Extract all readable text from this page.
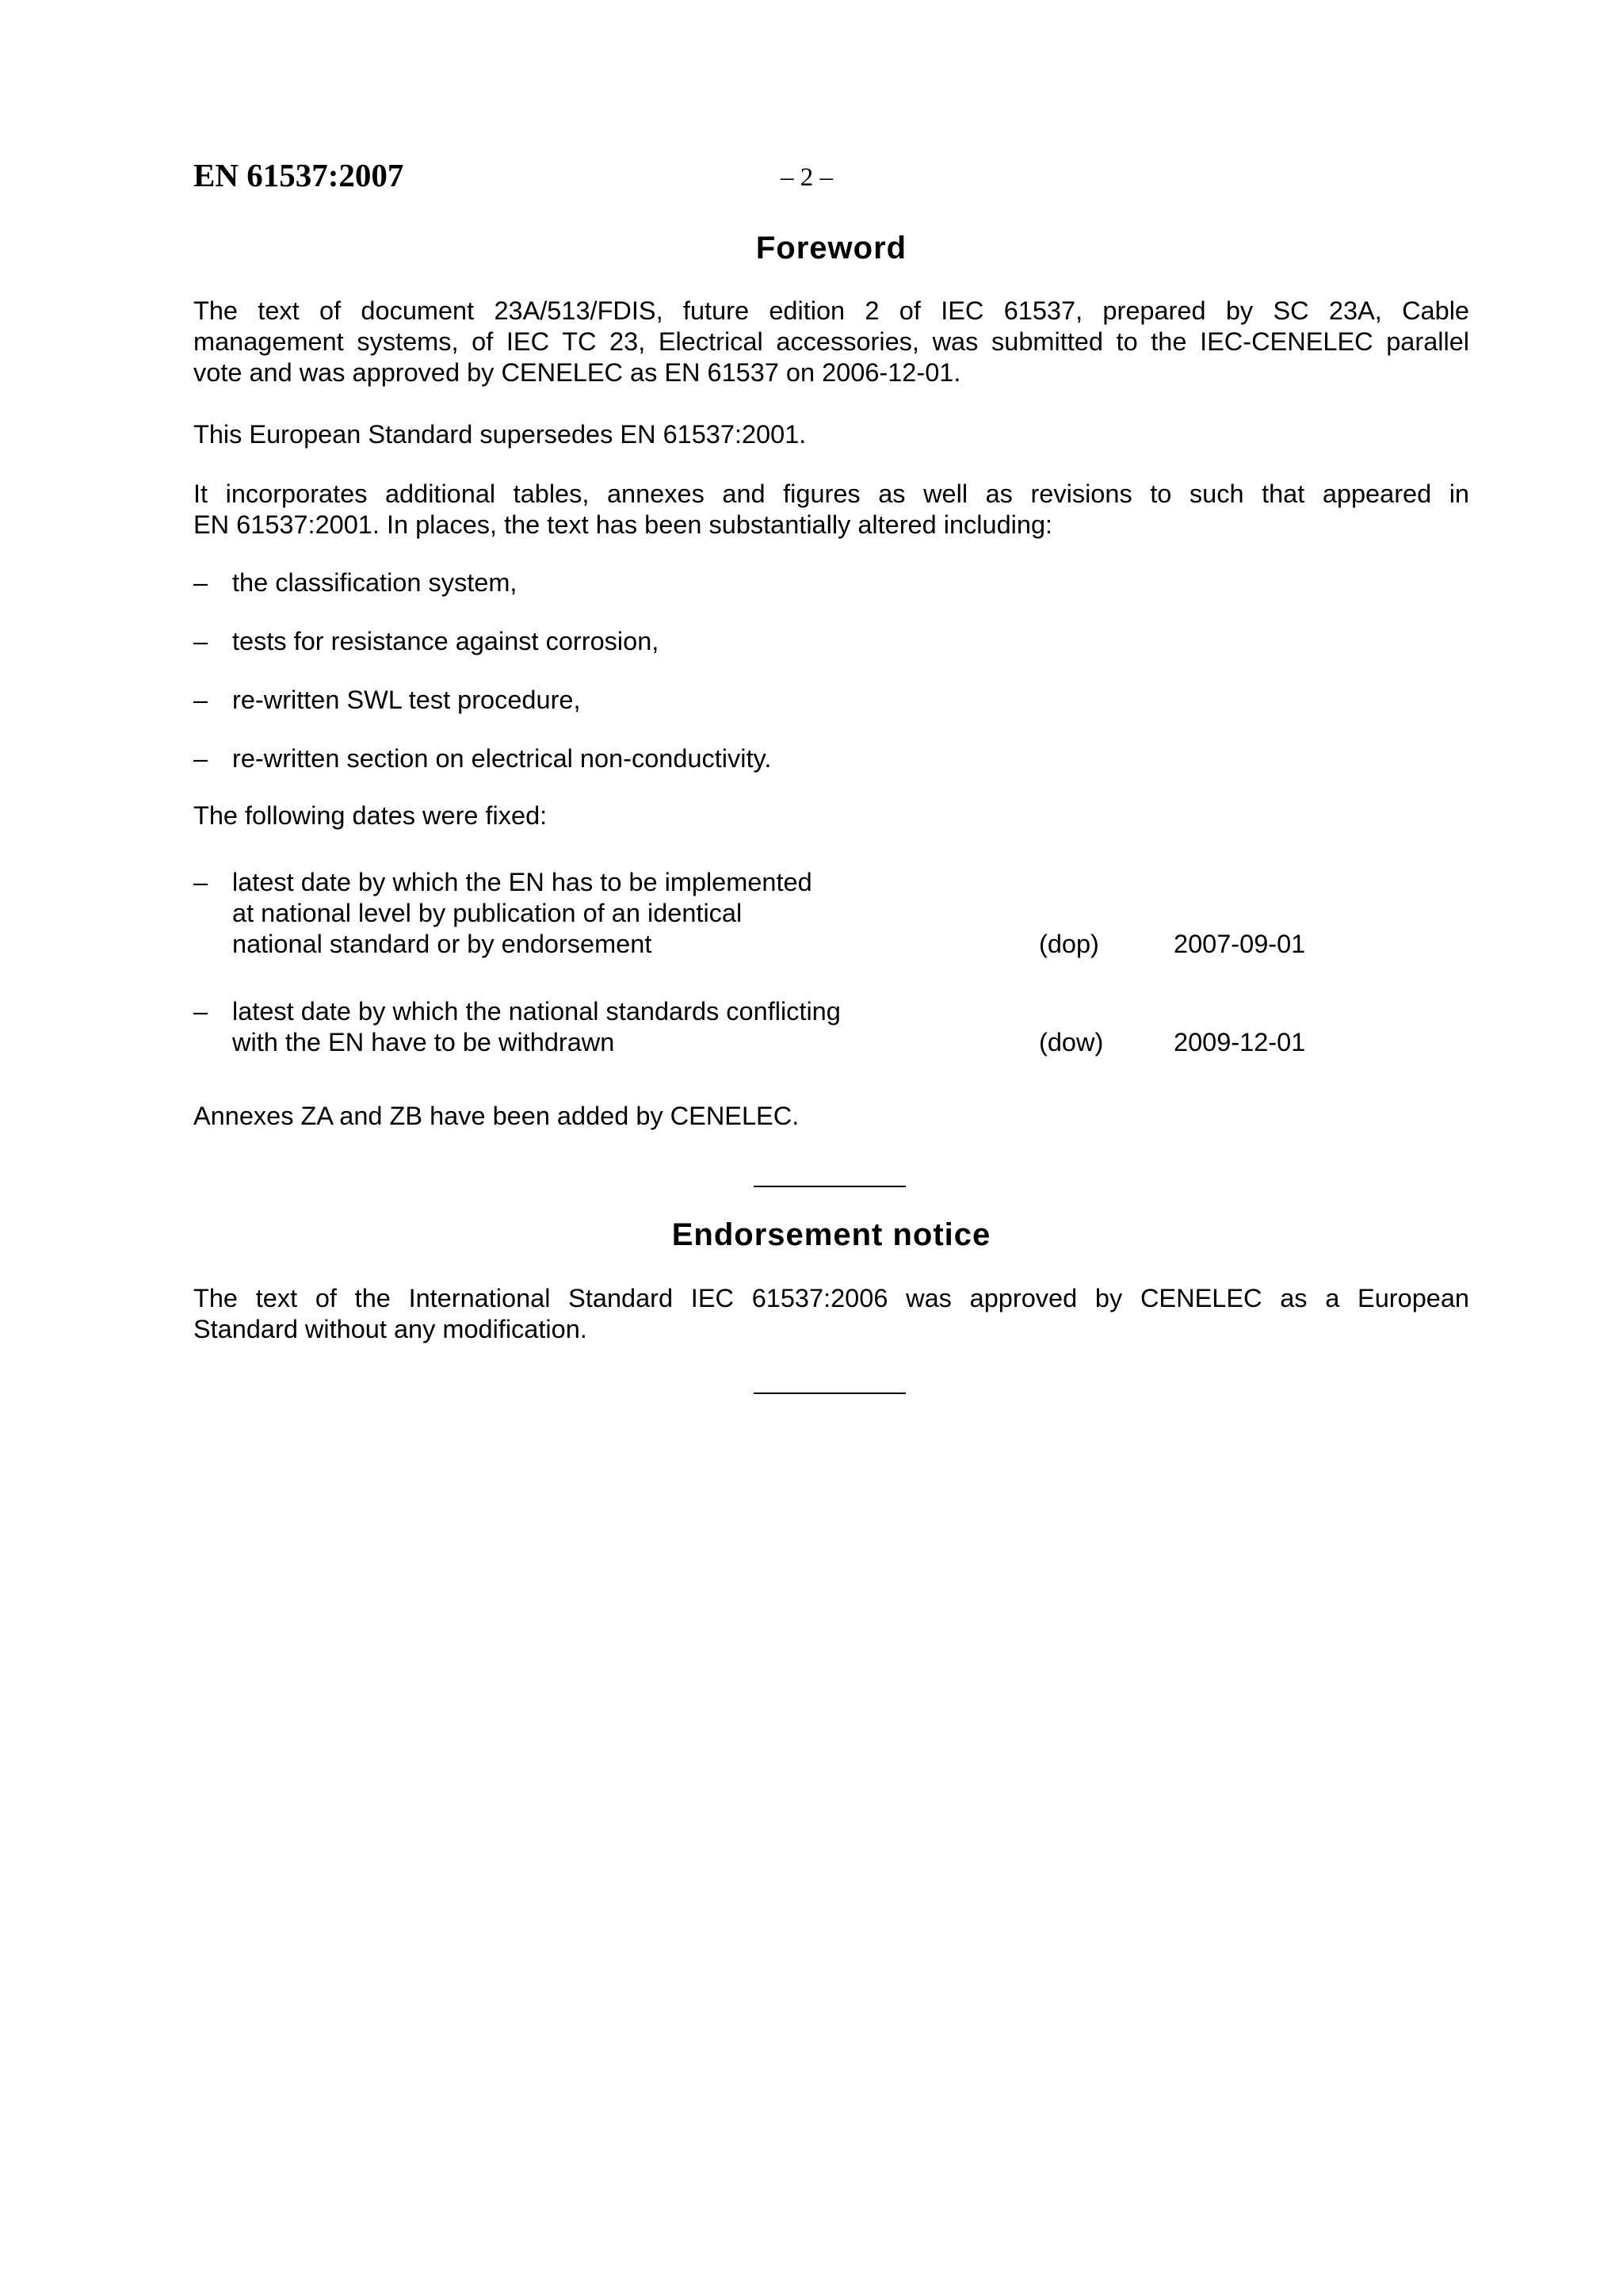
EN 61537:2007	– 2 –
Foreword
The text of document 23A/513/FDIS, future edition 2 of IEC 61537, prepared by SC 23A, Cable
management systems, of IEC TC 23, Electrical accessories, was submitted to the IEC-CENELEC parallel
vote and was approved by CENELEC as EN 61537 on 2006-12-01.
This European Standard supersedes EN 61537:2001.
It incorporates additional tables, annexes and figures as well as revisions to such that appeared in
EN 61537:2001. In places, the text has been substantially altered including:
– the classification system,
– tests for resistance against corrosion,
– re-written SWL test procedure,
– re-written section on electrical non-conductivity.
The following dates were fixed:
– latest date by which the EN has to be implemented
at national level by publication of an identical
national standard or by endorsement	(dop)	2007-09-01
– latest date by which the national standards conflicting
with the EN have to be withdrawn	(dow)	2009-12-01
Annexes ZA and ZB have been added by CENELEC.
Endorsement notice
The text of the International Standard IEC 61537:2006 was approved by CENELEC as a European
Standard without any modification.
